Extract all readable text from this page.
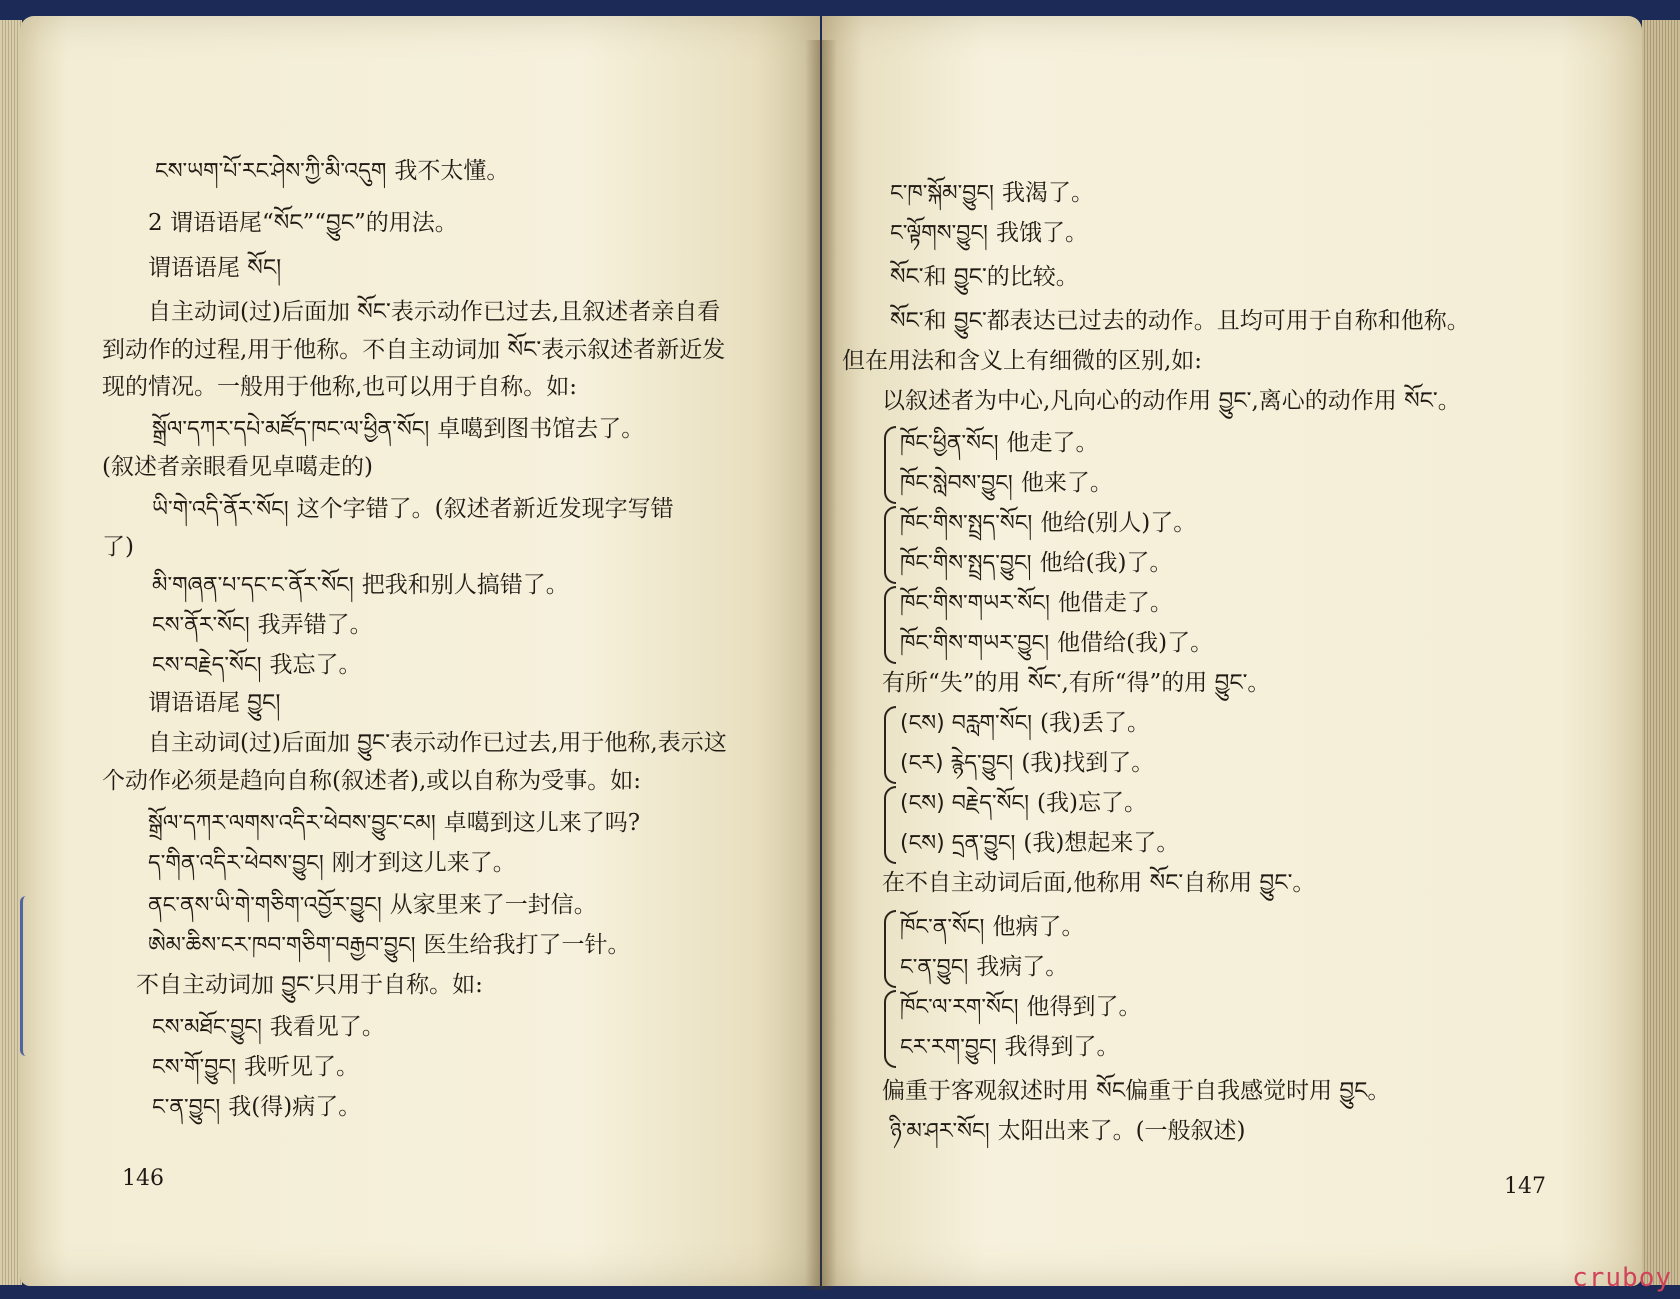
ངས་ཡག་པོ་རང་ཤེས་ཀྱི་མི་འདུག 我不太懂。
2 谓语语尾“སོང”“བྱུང”的用法。
谓语语尾 སོང།
自主动词(过)后面加 སོང་表示动作已过去,且叙述者亲自看
到动作的过程,用于他称。不自主动词加 སོང་表示叙述者新近发
现的情况。一般用于他称,也可以用于自称。如:
སྒྲོལ་དཀར་དཔེ་མཛོད་ཁང་ལ་ཕྱིན་སོང། 卓噶到图书馆去了。
(叙述者亲眼看见卓噶走的)
ཡི་གེ་འདི་ནོར་སོང། 这个字错了。(叙述者新近发现字写错
了)
མི་གཞན་པ་དང་ང་ནོར་སོང། 把我和别人搞错了。
ངས་ནོར་སོང། 我弄错了。
ངས་བརྗེད་སོང། 我忘了。
谓语语尾 བྱུང།
自主动词(过)后面加 བྱུང་表示动作已过去,用于他称,表示这
个动作必须是趋向自称(叙述者),或以自称为受事。如:
སྒྲོལ་དཀར་ལགས་འདིར་ཕེབས་བྱུང་ངམ། 卓噶到这儿来了吗?
ད་གིན་འདིར་ཕེབས་བྱུང། 刚才到这儿来了。
ནང་ནས་ཡི་གེ་གཅིག་འབྱོར་བྱུང། 从家里来了一封信。
ཨེམ་ཆིས་ངར་ཁབ་གཅིག་བརྒྱབ་བྱུང། 医生给我打了一针。
不自主动词加 བྱུང་只用于自称。如:
ངས་མཐོང་བྱུང། 我看见了。
ངས་གོ་བྱུང། 我听见了。
ང་ན་བྱུང། 我(得)病了。
146
ང་ཁ་སྐོམ་བྱུང། 我渴了。
ང་ལྟོགས་བྱུང། 我饿了。
སོང་和 བྱུང་的比较。
སོང་和 བྱུང་都表达已过去的动作。且均可用于自称和他称。
但在用法和含义上有细微的区别,如:
以叙述者为中心,凡向心的动作用 བྱུང་,离心的动作用 སོང་。
ཁོང་ཕྱིན་སོང། 他走了。
ཁོང་སླེབས་བྱུང། 他来了。
ཁོང་གིས་སྤྲད་སོང། 他给(别人)了。
ཁོང་གིས་སྤྲད་བྱུང། 他给(我)了。
ཁོང་གིས་གཡར་སོང། 他借走了。
ཁོང་གིས་གཡར་བྱུང། 他借给(我)了。
有所“失”的用 སོང་,有所“得”的用 བྱུང་。
(ངས) བརླག་སོང། (我)丢了。
(ངར) རྙེད་བྱུང། (我)找到了。
(ངས) བརྗེད་སོང། (我)忘了。
(ངས) དྲན་བྱུང། (我)想起来了。
在不自主动词后面,他称用 སོང་自称用 བྱུང་。
ཁོང་ན་སོང། 他病了。
ང་ན་བྱུང། 我病了。
ཁོང་ལ་རག་སོང། 他得到了。
ངར་རག་བྱུང། 我得到了。
偏重于客观叙述时用 སོང偏重于自我感觉时用 བྱུང。
ཉི་མ་ཤར་སོང། 太阳出来了。(一般叙述)
147
cruboy
